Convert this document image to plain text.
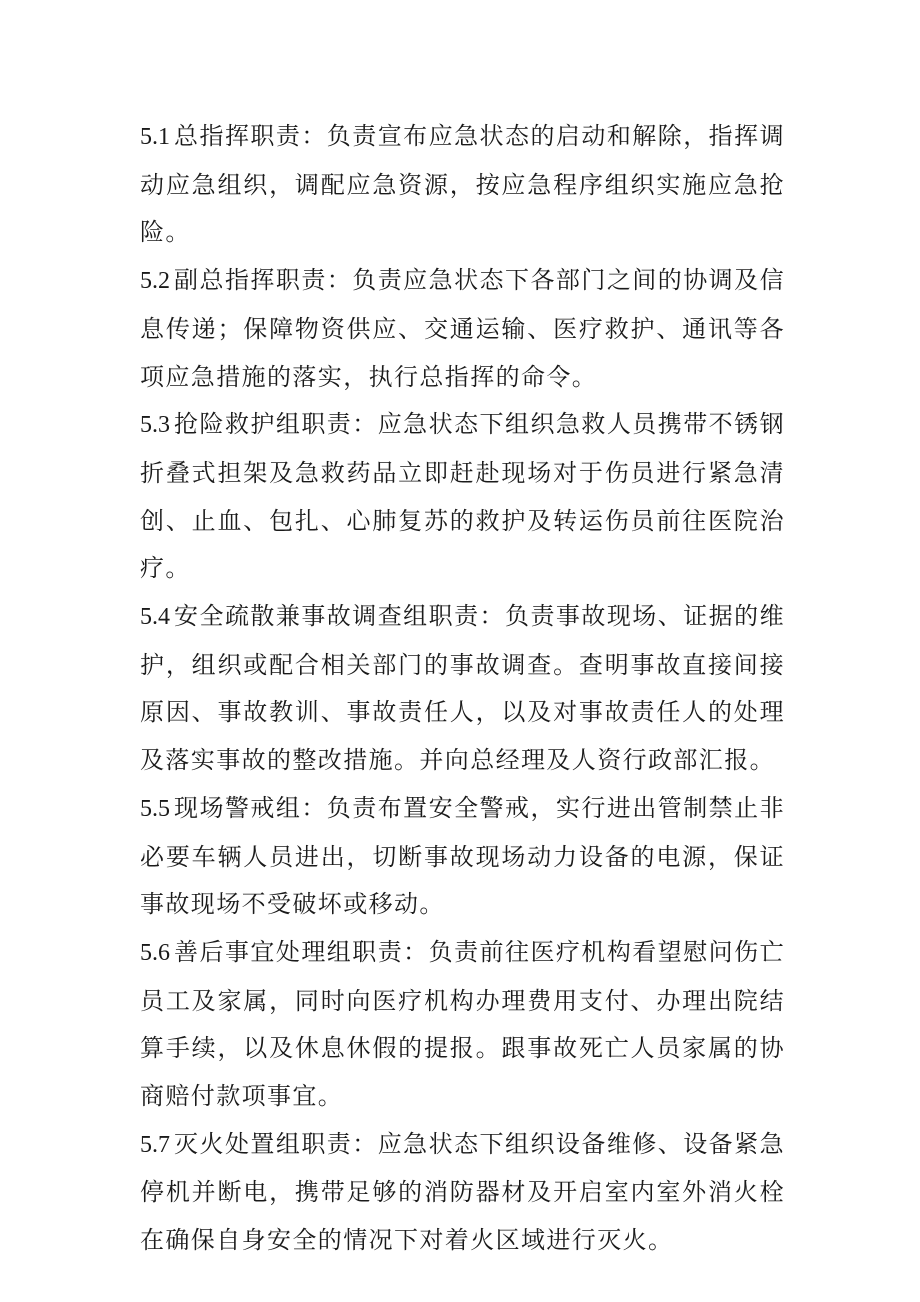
5.1 总指挥职责：负责宣布应急状态的启动和解除，指挥调动应急组织，调配应急资源，按应急程序组织实施应急抢险。

5.2 副总指挥职责：负责应急状态下各部门之间的协调及信息传递；保障物资供应、交通运输、医疗救护、通讯等各项应急措施的落实，执行总指挥的命令。

5.3 抢险救护组职责：应急状态下组织急救人员携带不锈钢折叠式担架及急救药品立即赶赴现场对于伤员进行紧急清创、止血、包扎、心肺复苏的救护及转运伤员前往医院治疗。

5.4 安全疏散兼事故调查组职责：负责事故现场、证据的维护，组织或配合相关部门的事故调查。查明事故直接间接原因、事故教训、事故责任人，以及对事故责任人的处理及落实事故的整改措施。并向总经理及人资行政部汇报。

5.5 现场警戒组：负责布置安全警戒，实行进出管制禁止非必要车辆人员进出，切断事故现场动力设备的电源，保证事故现场不受破坏或移动。

5.6 善后事宜处理组职责：负责前往医疗机构看望慰问伤亡员工及家属，同时向医疗机构办理费用支付、办理出院结算手续，以及休息休假的提报。跟事故死亡人员家属的协商赔付款项事宜。

5.7 灭火处置组职责：应急状态下组织设备维修、设备紧急停机并断电，携带足够的消防器材及开启室内室外消火栓在确保自身安全的情况下对着火区域进行灭火。
